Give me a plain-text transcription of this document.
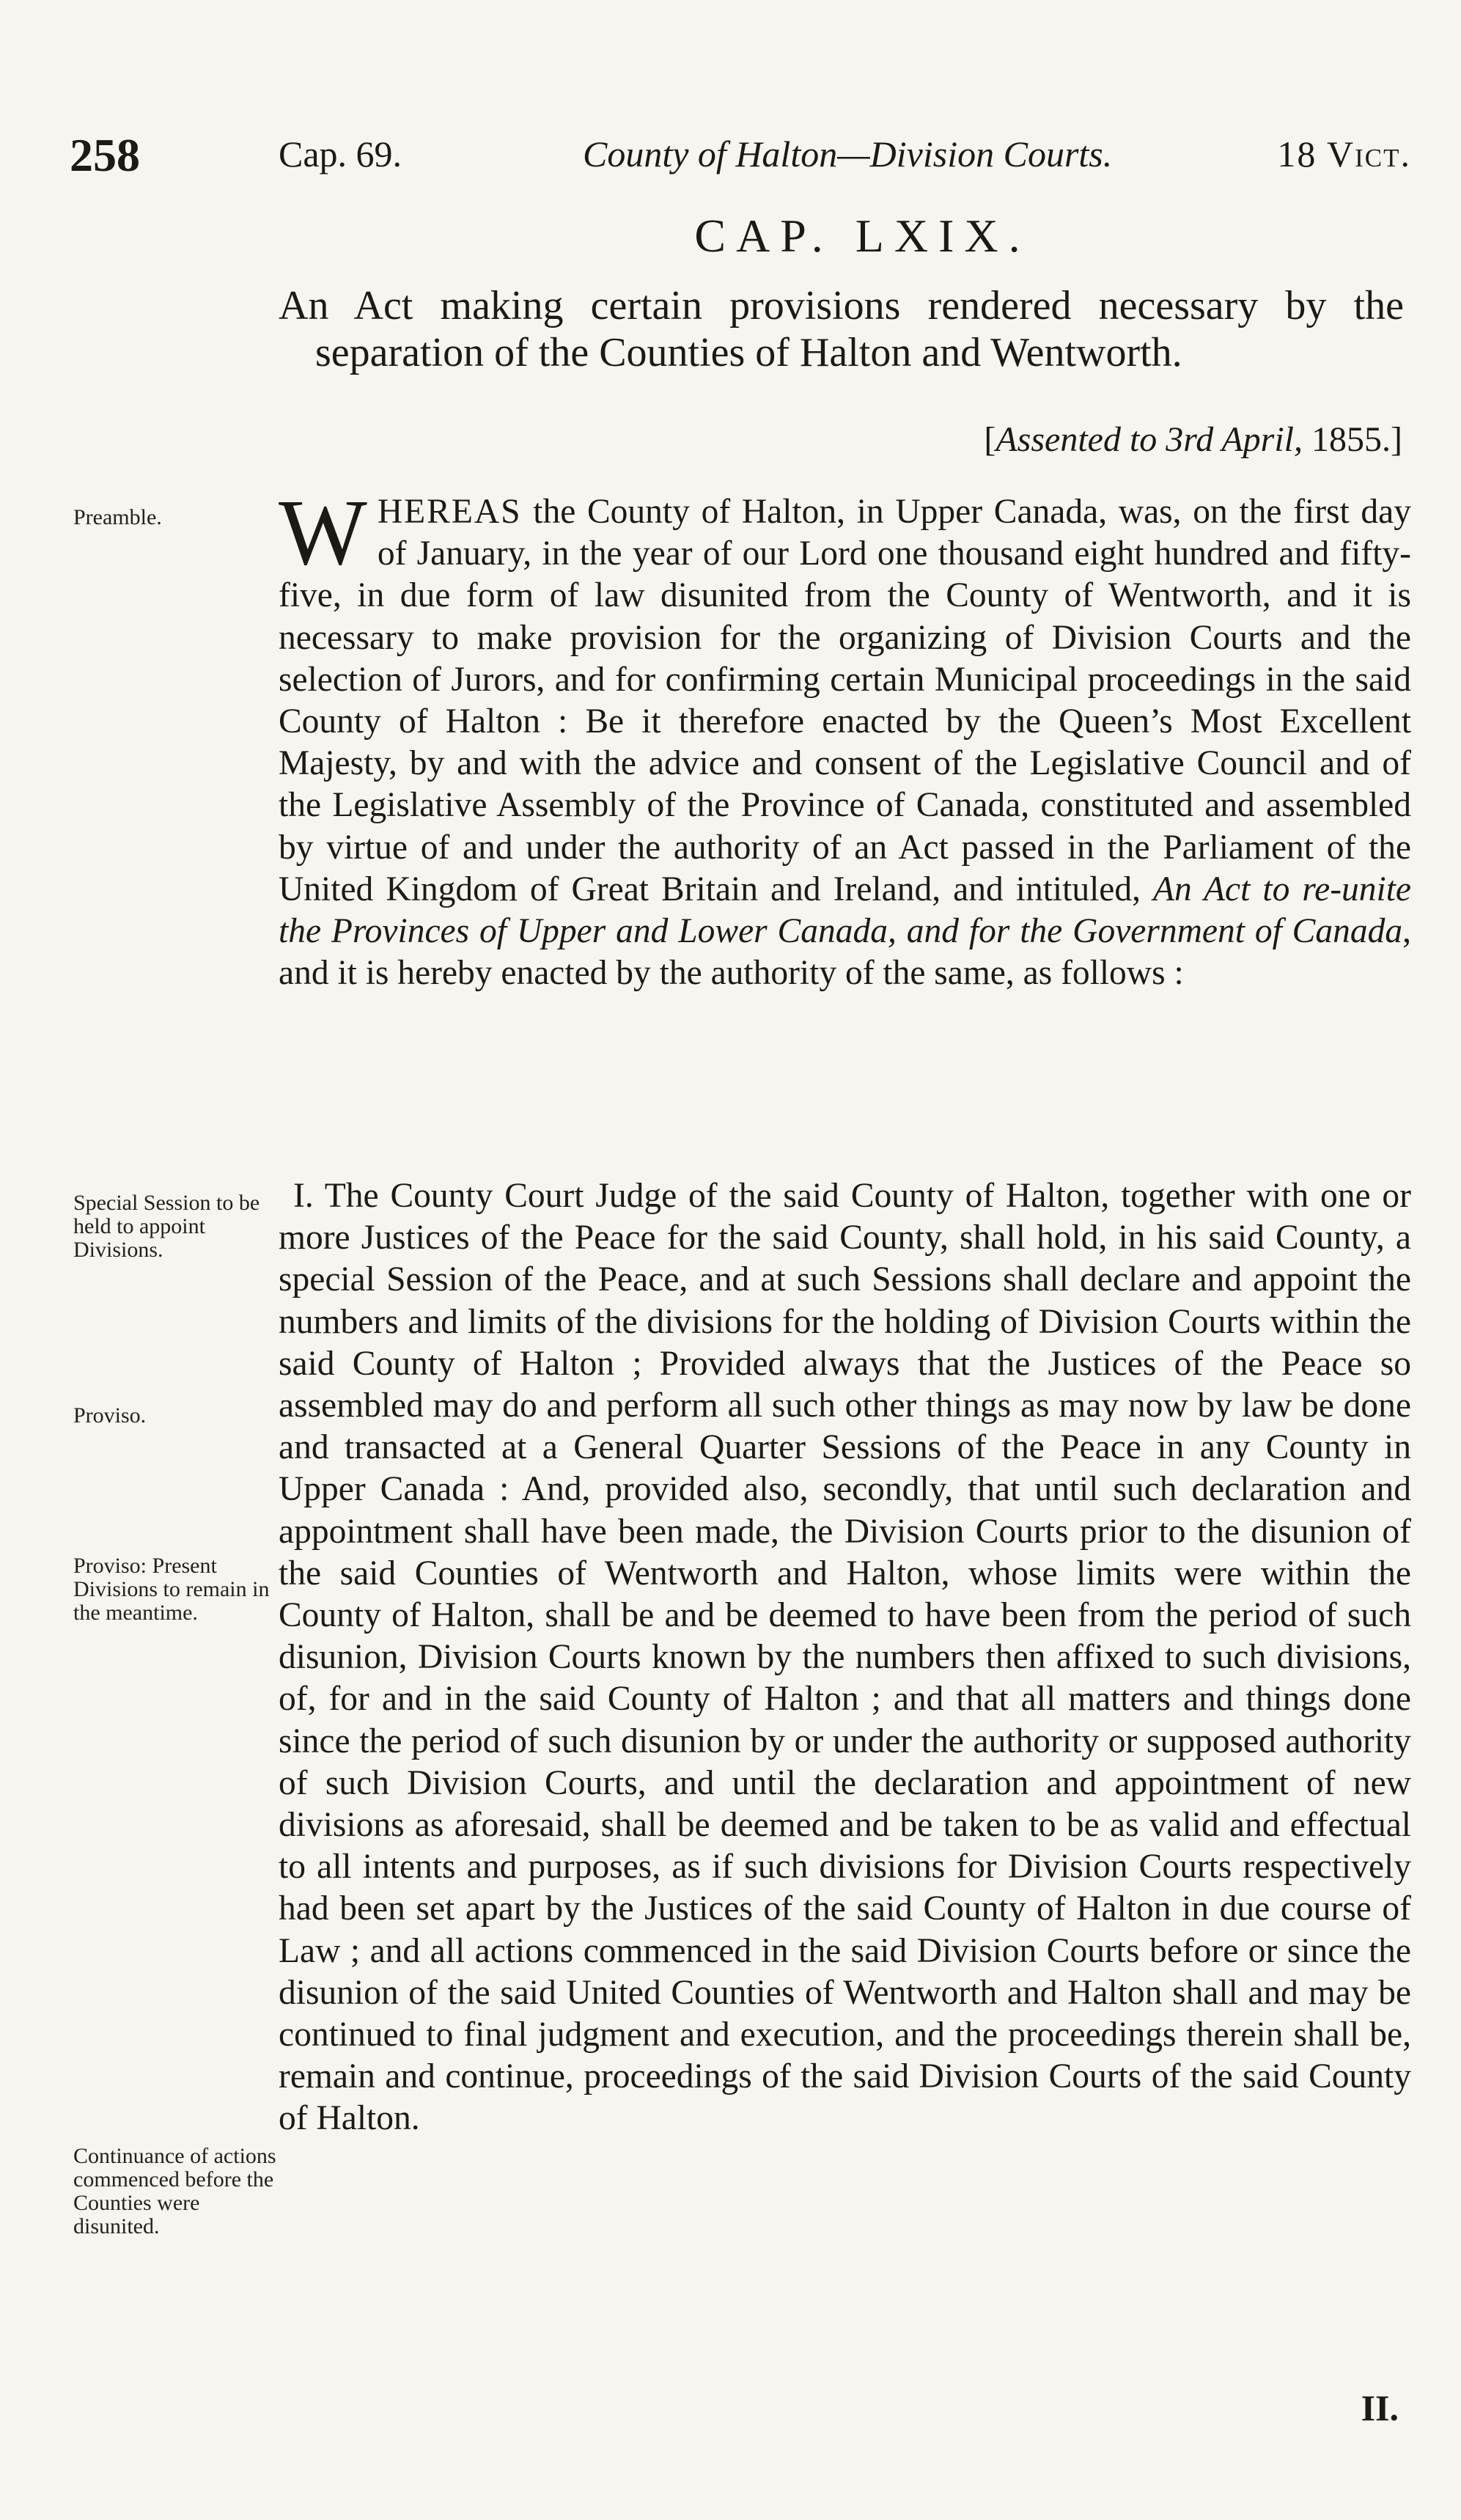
258	Cap. 69.	County of Halton—Division Courts.	18 Vict.
CAP. LXIX.
An Act making certain provisions rendered necessary by the separation of the Counties of Halton and Wentworth.
[Assented to 3rd April, 1855.]
Preamble.
Special Session to be held to appoint Divisions.
Proviso.
Proviso: Present Divisions to remain in the meantime.
Continuance of actions commenced before the Counties were disunited.

WHEREAS the County of Halton, in Upper Canada, was, on the first day of January, in the year of our Lord one thousand eight hundred and fifty-five, in due form of law disunited from the County of Wentworth, and it is necessary to make provision for the organizing of Division Courts and the selection of Jurors, and for confirming certain Municipal proceedings in the said County of Halton : Be it therefore enacted by the Queen’s Most Excellent Majesty, by and with the advice and consent of the Legislative Council and of the Legislative Assembly of the Province of Canada, constituted and assembled by virtue of and under the authority of an Act passed in the Parliament of the United Kingdom of Great Britain and Ireland, and intituled, An Act to re-unite the Provinces of Upper and Lower Canada, and for the Government of Canada, and it is hereby enacted by the authority of the same, as follows :

I. The County Court Judge of the said County of Halton, together with one or more Justices of the Peace for the said County, shall hold, in his said County, a special Session of the Peace, and at such Sessions shall declare and appoint the numbers and limits of the divisions for the holding of Division Courts within the said County of Halton ; Provided always that the Justices of the Peace so assembled may do and perform all such other things as may now by law be done and transacted at a General Quarter Sessions of the Peace in any County in Upper Canada : And, provided also, secondly, that until such declaration and appointment shall have been made, the Division Courts prior to the disunion of the said Counties of Wentworth and Halton, whose limits were within the County of Halton, shall be and be deemed to have been from the period of such disunion, Division Courts known by the numbers then affixed to such divisions, of, for and in the said County of Halton ; and that all matters and things done since the period of such disunion by or under the authority or supposed authority of such Division Courts, and until the declaration and appointment of new divisions as aforesaid, shall be deemed and be taken to be as valid and effectual to all intents and purposes, as if such divisions for Division Courts respectively had been set apart by the Justices of the said County of Halton in due course of Law ; and all actions commenced in the said Division Courts before or since the disunion of the said United Counties of Wentworth and Halton shall and may be continued to final judgment and execution, and the proceedings therein shall be, remain and continue, proceedings of the said Division Courts of the said County of Halton.

II.
